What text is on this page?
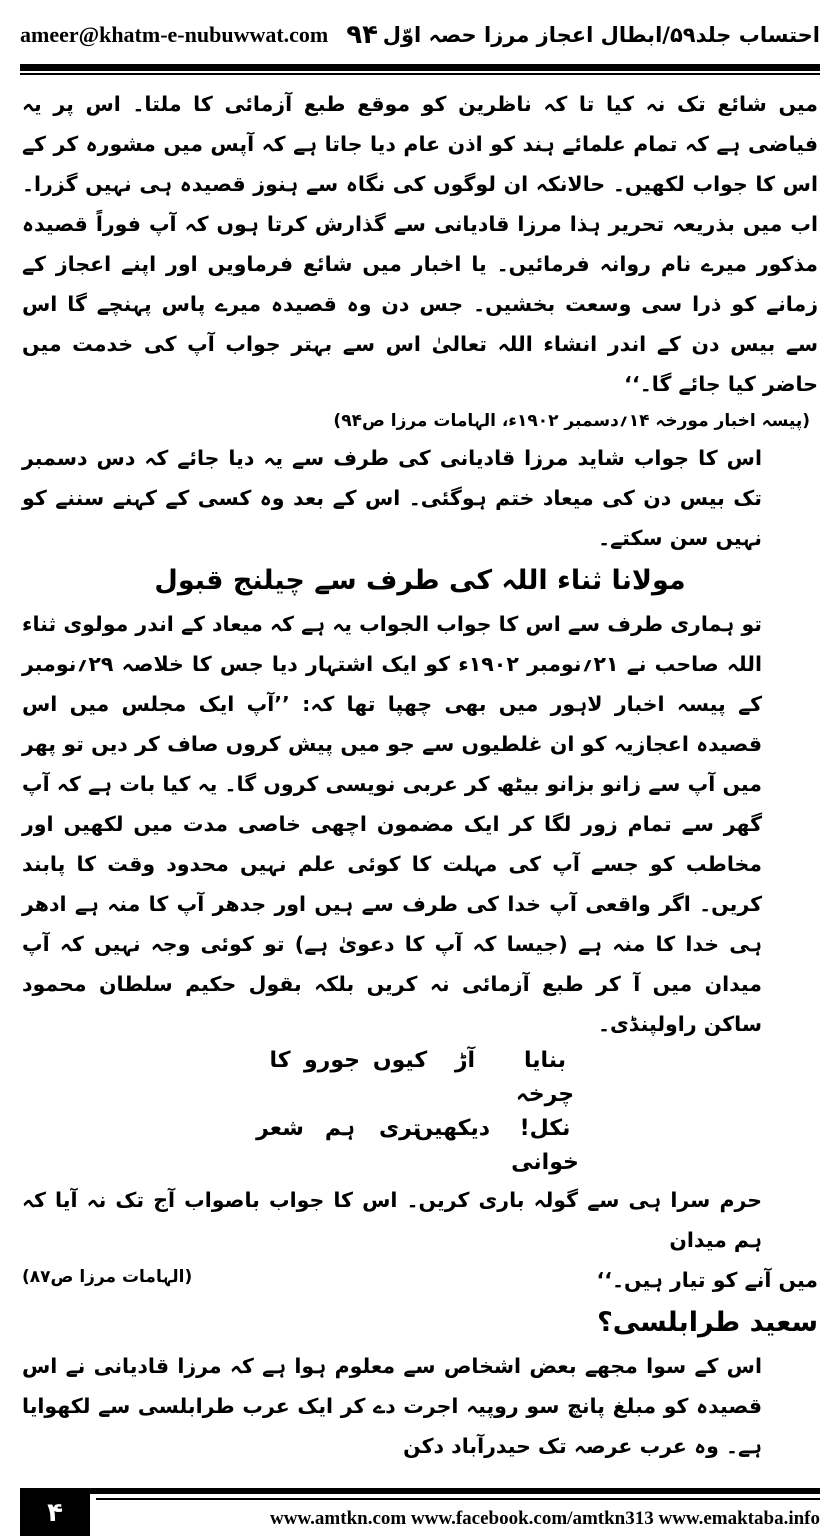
ameer@khatm-e-nubuwwat.com ۹۴ احتساب جلد۵۹/ابطال اعجاز مرزا حصہ اوّل

میں شائع تک نہ کیا تا کہ ناظرین کو موقع طبع آزمائی کا ملتا۔ اس پر یہ فیاضی ہے کہ تمام علمائے ہند کو اذن عام دیا جاتا ہے کہ آپس میں مشورہ کر کے اس کا جواب لکھیں۔ حالانکہ ان لوگوں کی نگاہ سے ہنوز قصیدہ ہی نہیں گزرا۔ اب میں بذریعہ تحریر ہذا مرزا قادیانی سے گذارش کرتا ہوں کہ آپ فوراً قصیدہ مذکور میرے نام روانہ فرمائیں۔ یا اخبار میں شائع فرماویں اور اپنے اعجاز کے زمانے کو ذرا سی وسعت بخشیں۔ جس دن وہ قصیدہ میرے پاس پہنچے گا اس سے بیس دن کے اندر انشاء اللہ تعالیٰ اس سے بہتر جواب آپ کی خدمت میں حاضر کیا جائے گا۔‘‘

(پیسہ اخبار مورخہ ۱۴؍دسمبر ۱۹۰۲ء، الہامات مرزا ص۹۴)

اس کا جواب شاید مرزا قادیانی کی طرف سے یہ دیا جائے کہ دس دسمبر تک بیس دن کی میعاد ختم ہوگئی۔ اس کے بعد وہ کسی کے کہنے سننے کو نہیں سن سکتے۔

مولانا ثناء اللہ کی طرف سے چیلنج قبول

تو ہماری طرف سے اس کا جواب الجواب یہ ہے کہ میعاد کے اندر مولوی ثناء اللہ صاحب نے ۲۱؍نومبر ۱۹۰۲ء کو ایک اشتہار دیا جس کا خلاصہ ۲۹؍نومبر کے پیسہ اخبار لاہور میں بھی چھپا تھا کہ: ’’آپ ایک مجلس میں اس قصیدہ اعجازیہ کو ان غلطیوں سے جو میں پیش کروں صاف کر دیں تو پھر میں آپ سے زانو بزانو بیٹھ کر عربی نویسی کروں گا۔ یہ کیا بات ہے کہ آپ گھر سے تمام زور لگا کر ایک مضمون اچھی خاصی مدت میں لکھیں اور مخاطب کو جسے آپ کی مہلت کا کوئی علم نہیں محدود وقت کا پابند کریں۔ اگر واقعی آپ خدا کی طرف سے ہیں اور جدھر آپ کا منہ ہے ادھر ہی خدا کا منہ ہے (جیسا کہ آپ کا دعویٰ ہے) تو کوئی وجہ نہیں کہ آپ میدان میں آ کر طبع آزمائی نہ کریں بلکہ بقول حکیم سلطان محمود ساکن راولپنڈی۔

بنایا
آڑ
کیوں
جورو
کا
چرخہ
نکل!
دیکھیں
تری
ہم
شعر
خوانی

حرم سرا ہی سے گولہ باری کریں۔ اس کا جواب باصواب آج تک نہ آیا کہ ہم میدان

میں آنے کو تیار ہیں۔‘‘
(الہامات مرزا ص۸۷)

سعید طرابلسی؟

اس کے سوا مجھے بعض اشخاص سے معلوم ہوا ہے کہ مرزا قادیانی نے اس قصیدہ کو مبلغ پانچ سو روپیہ اجرت دے کر ایک عرب طرابلسی سے لکھوایا ہے۔ وہ عرب عرصہ تک حیدرآباد دکن

۴	www.amtkn.com www.facebook.com/amtkn313 www.emaktaba.info
